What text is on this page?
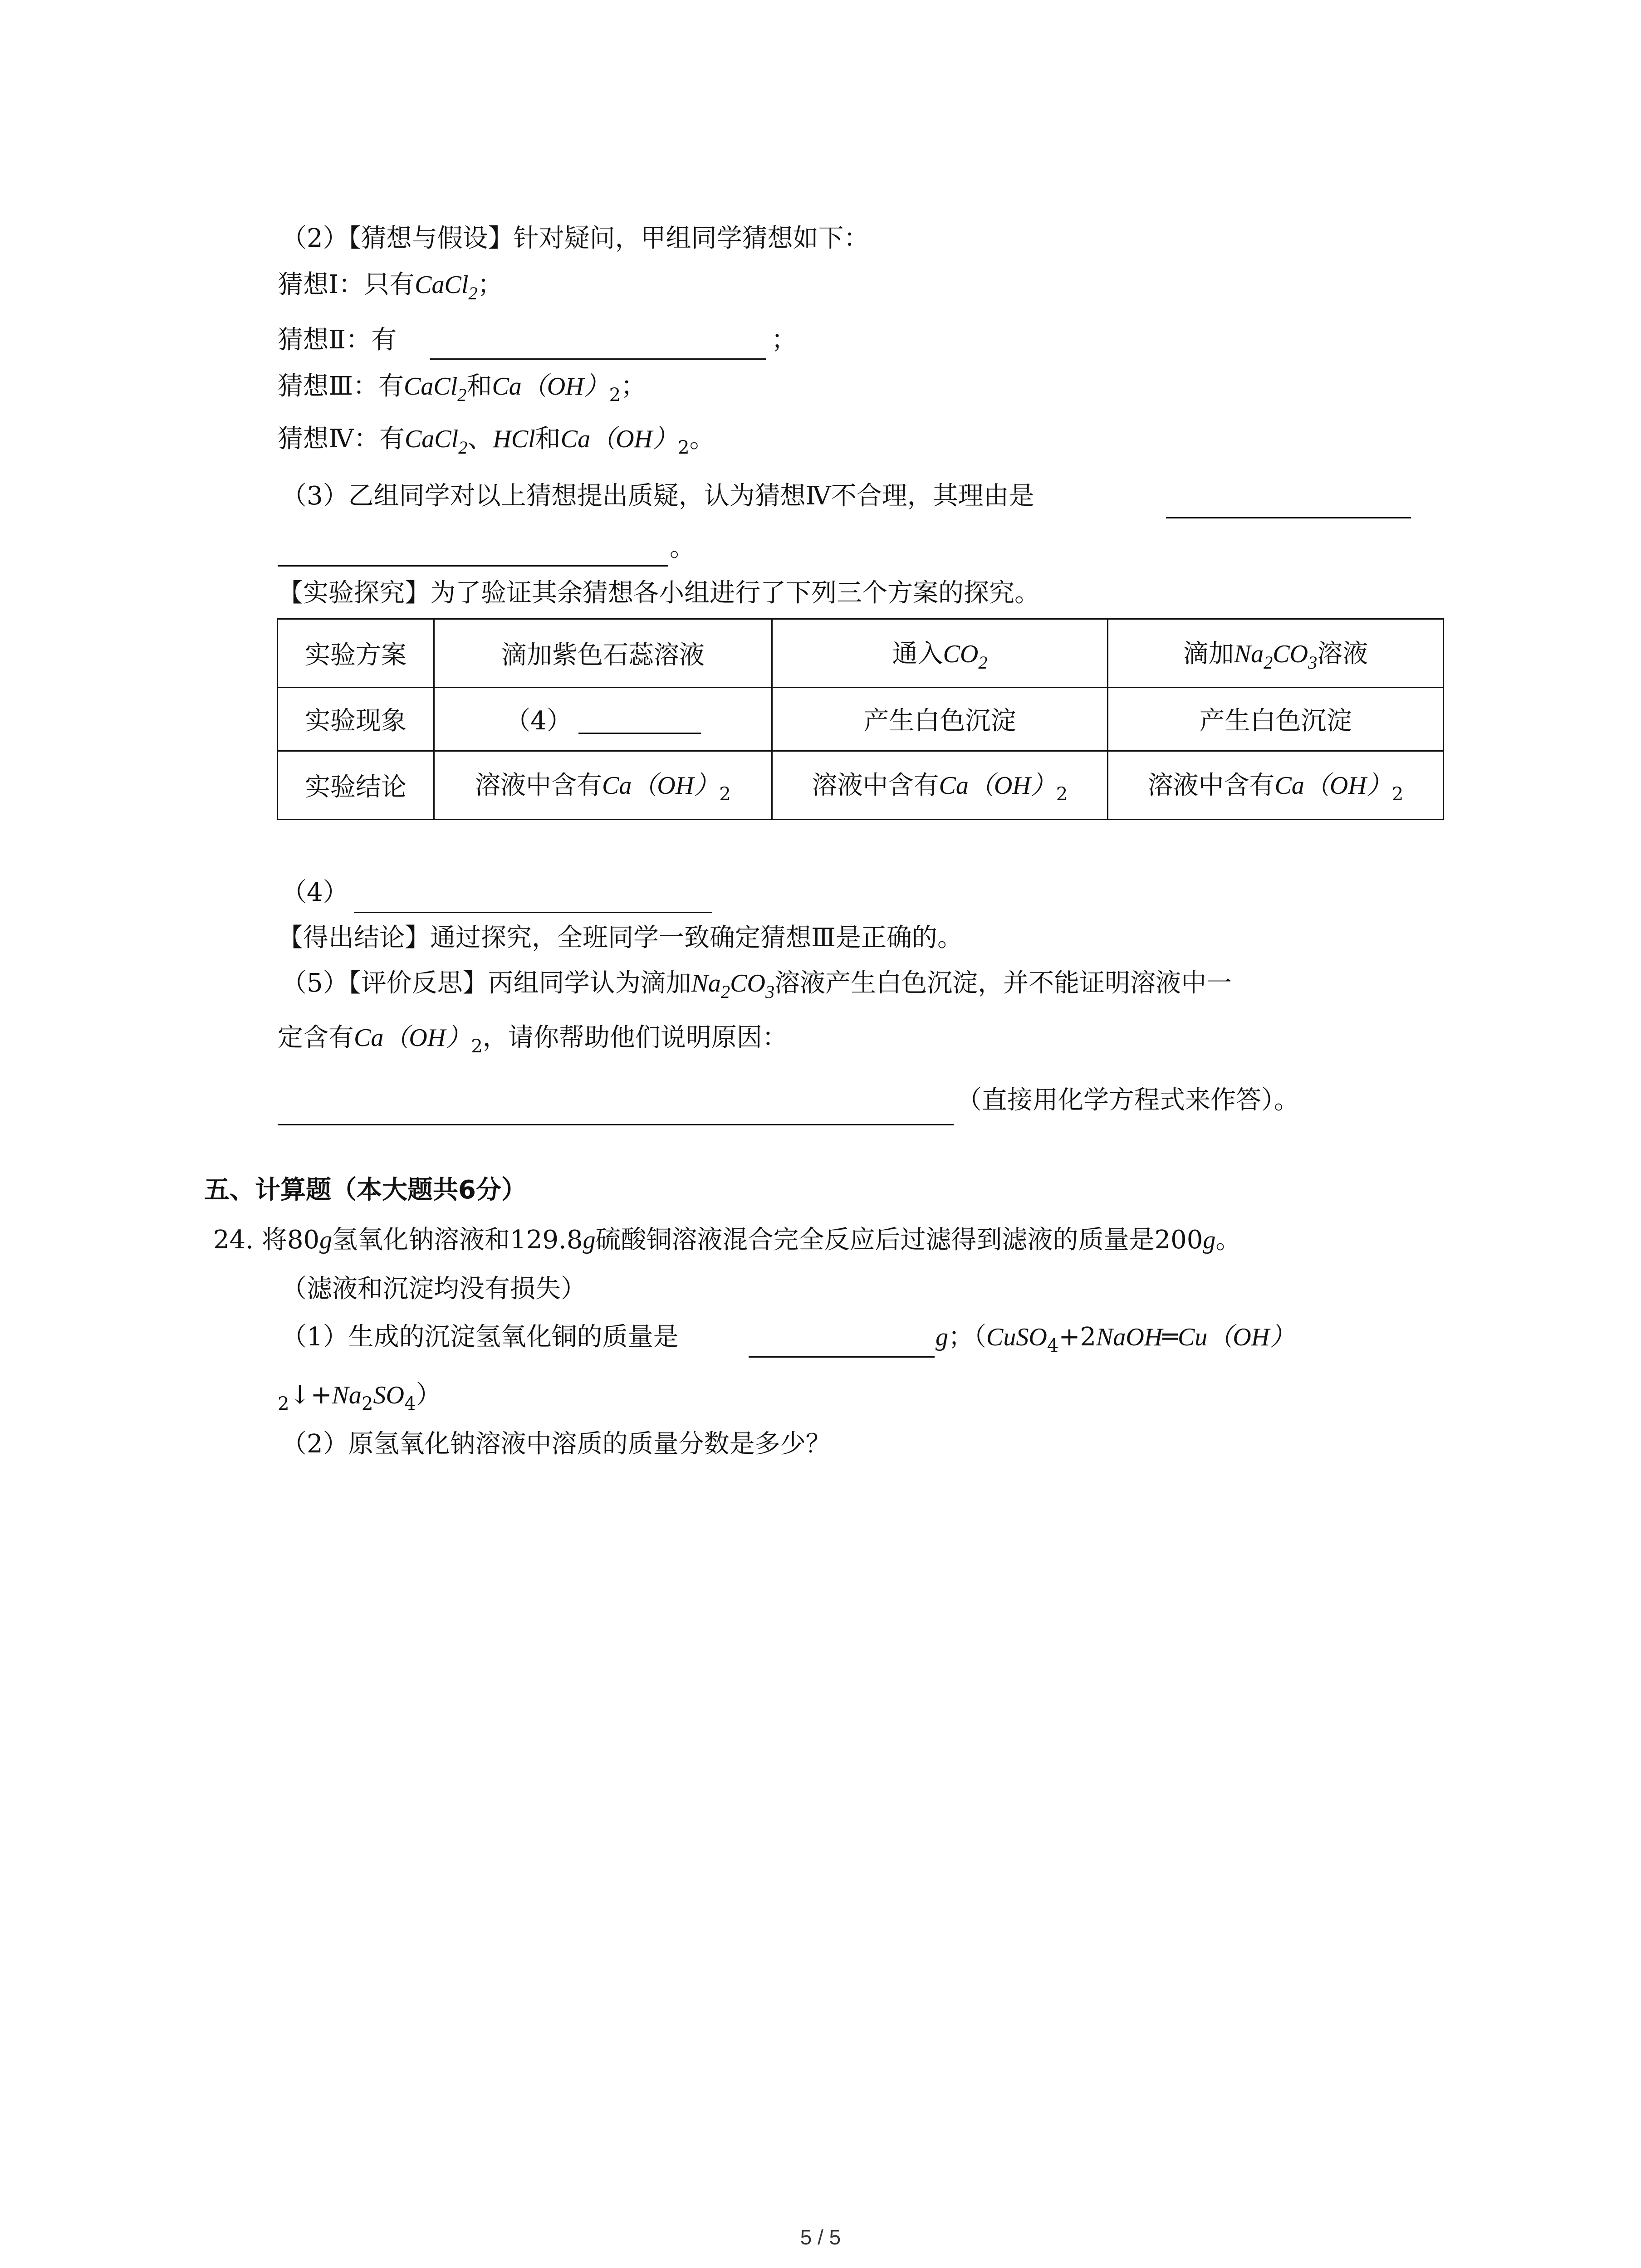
（2）【猜想与假设】针对疑问，甲组同学猜想如下：
猜想Ⅰ：只有CaCl$_2$；
猜想Ⅱ：有	；
猜想Ⅲ：有CaCl$_2$和$Ca(OH)_2$；
猜想Ⅳ：有CaCl$_2$、HCl和$Ca(OH)_2$。
（3）乙组同学对以上猜想提出质疑，认为猜想Ⅳ不合理，其理由是
。
【实验探究】为了验证其余猜想各小组进行了下列三个方案的探究。
实验方案	滴加紫色石蕊溶液	通入$CO_2$	滴加$Na_2CO_3$溶液
实验现象	（4）	产生白色沉淀	产生白色沉淀
实验结论	溶液中含有$Ca(OH)_2$	溶液中含有$Ca(OH)_2$	溶液中含有$Ca(OH)_2$
（4）
【得出结论】通过探究，全班同学一致确定猜想Ⅲ是正确的。
（5）【评价反思】丙组同学认为滴加$Na_2CO_3$溶液产生白色沉淀，并不能证明溶液中一
定含有$Ca(OH)_2$，请你帮助他们说明原因：
（直接用化学方程式来作答）。
五、计算题（本大题共6分）
24. 将80g氢氧化钠溶液和129.8g硫酸铜溶液混合完全反应后过滤得到滤液的质量是200g。
（滤液和沉淀均没有损失）
（1）生成的沉淀氢氧化铜的质量是	g；（CuSO$_4$+2NaOH═Cu（OH）
$_2↓+Na_2SO_4$）
（2）原氢氧化钠溶液中溶质的质量分数是多少？
5 / 5
